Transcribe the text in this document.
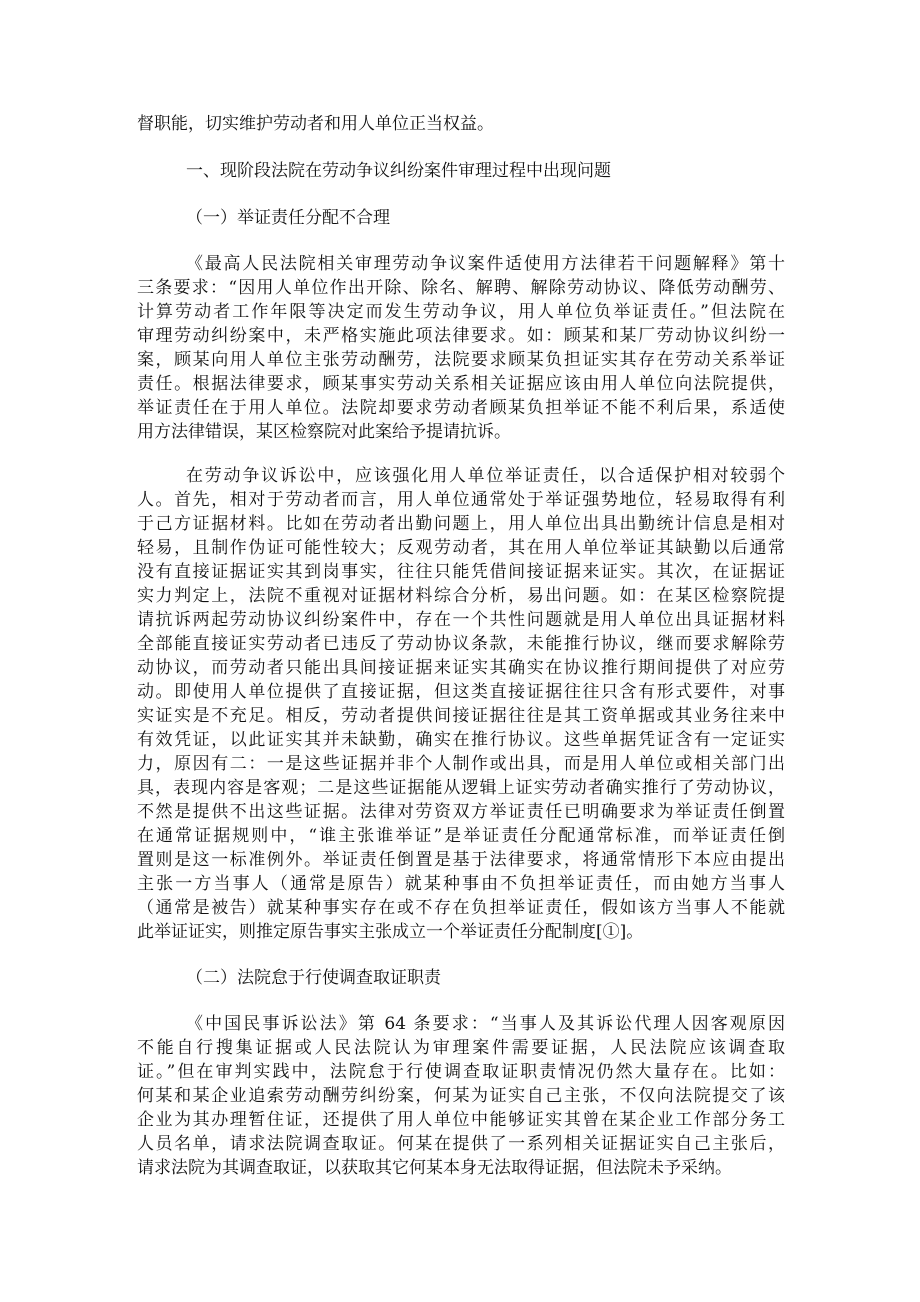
督职能，切实维护劳动者和用人单位正当权益。
一、现阶段法院在劳动争议纠纷案件审理过程中出现问题
（一）举证责任分配不合理
《最高人民法院相关审理劳动争议案件适使用方法律若干问题解释》第十
三条要求：“因用人单位作出开除、除名、解聘、解除劳动协议、降低劳动酬劳、
计算劳动者工作年限等决定而发生劳动争议，用人单位负举证责任。”但法院在
审理劳动纠纷案中，未严格实施此项法律要求。如：顾某和某厂劳动协议纠纷一
案，顾某向用人单位主张劳动酬劳，法院要求顾某负担证实其存在劳动关系举证
责任。根据法律要求，顾某事实劳动关系相关证据应该由用人单位向法院提供，
举证责任在于用人单位。法院却要求劳动者顾某负担举证不能不利后果，系适使
用方法律错误，某区检察院对此案给予提请抗诉。
在劳动争议诉讼中，应该强化用人单位举证责任，以合适保护相对较弱个
人。首先，相对于劳动者而言，用人单位通常处于举证强势地位，轻易取得有利
于己方证据材料。比如在劳动者出勤问题上，用人单位出具出勤统计信息是相对
轻易，且制作伪证可能性较大；反观劳动者，其在用人单位举证其缺勤以后通常
没有直接证据证实其到岗事实，往往只能凭借间接证据来证实。其次，在证据证
实力判定上，法院不重视对证据材料综合分析，易出问题。如：在某区检察院提
请抗诉两起劳动协议纠纷案件中，存在一个共性问题就是用人单位出具证据材料
全部能直接证实劳动者已违反了劳动协议条款，未能推行协议，继而要求解除劳
动协议，而劳动者只能出具间接证据来证实其确实在协议推行期间提供了对应劳
动。即使用人单位提供了直接证据，但这类直接证据往往只含有形式要件，对事
实证实是不充足。相反，劳动者提供间接证据往往是其工资单据或其业务往来中
有效凭证，以此证实其并未缺勤，确实在推行协议。这些单据凭证含有一定证实
力，原因有二：一是这些证据并非个人制作或出具，而是用人单位或相关部门出
具，表现内容是客观；二是这些证据能从逻辑上证实劳动者确实推行了劳动协议，
不然是提供不出这些证据。法律对劳资双方举证责任已明确要求为举证责任倒置
在通常证据规则中，“谁主张谁举证”是举证责任分配通常标准，而举证责任倒
置则是这一标准例外。举证责任倒置是基于法律要求，将通常情形下本应由提出
主张一方当事人（通常是原告）就某种事由不负担举证责任，而由她方当事人
（通常是被告）就某种事实存在或不存在负担举证责任，假如该方当事人不能就
此举证证实，则推定原告事实主张成立一个举证责任分配制度[①]。
（二）法院怠于行使调查取证职责
《中国民事诉讼法》第 64 条要求：“当事人及其诉讼代理人因客观原因
不能自行搜集证据或人民法院认为审理案件需要证据，人民法院应该调查取
证。”但在审判实践中，法院怠于行使调查取证职责情况仍然大量存在。比如：
何某和某企业追索劳动酬劳纠纷案，何某为证实自己主张，不仅向法院提交了该
企业为其办理暂住证，还提供了用人单位中能够证实其曾在某企业工作部分务工
人员名单，请求法院调查取证。何某在提供了一系列相关证据证实自己主张后，
请求法院为其调查取证，以获取其它何某本身无法取得证据，但法院未予采纳。
